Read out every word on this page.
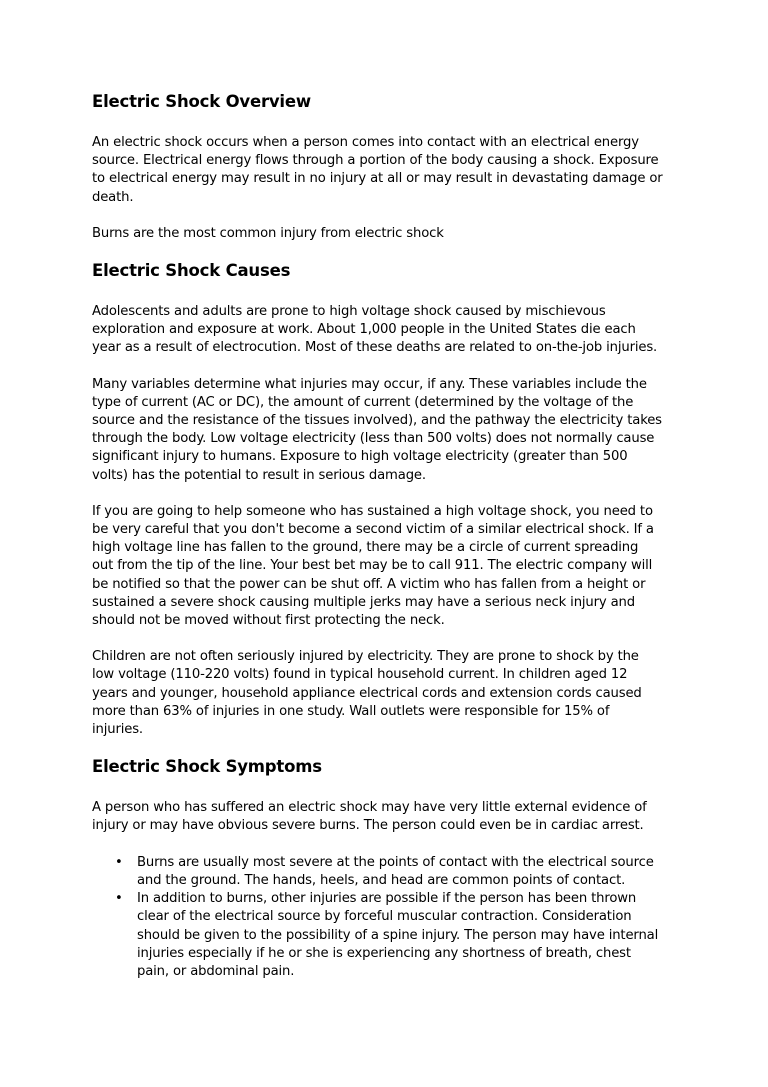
Electric Shock Overview

An electric shock occurs when a person comes into contact with an electrical energy
source. Electrical energy flows through a portion of the body causing a shock. Exposure
to electrical energy may result in no injury at all or may result in devastating damage or
death.

Burns are the most common injury from electric shock

Electric Shock Causes

Adolescents and adults are prone to high voltage shock caused by mischievous
exploration and exposure at work. About 1,000 people in the United States die each
year as a result of electrocution. Most of these deaths are related to on-the-job injuries.

Many variables determine what injuries may occur, if any. These variables include the
type of current (AC or DC), the amount of current (determined by the voltage of the
source and the resistance of the tissues involved), and the pathway the electricity takes
through the body. Low voltage electricity (less than 500 volts) does not normally cause
significant injury to humans. Exposure to high voltage electricity (greater than 500
volts) has the potential to result in serious damage.

If you are going to help someone who has sustained a high voltage shock, you need to
be very careful that you don't become a second victim of a similar electrical shock. If a
high voltage line has fallen to the ground, there may be a circle of current spreading
out from the tip of the line. Your best bet may be to call 911. The electric company will
be notified so that the power can be shut off. A victim who has fallen from a height or
sustained a severe shock causing multiple jerks may have a serious neck injury and
should not be moved without first protecting the neck.

Children are not often seriously injured by electricity. They are prone to shock by the
low voltage (110-220 volts) found in typical household current. In children aged 12
years and younger, household appliance electrical cords and extension cords caused
more than 63% of injuries in one study. Wall outlets were responsible for 15% of
injuries.

Electric Shock Symptoms

A person who has suffered an electric shock may have very little external evidence of
injury or may have obvious severe burns. The person could even be in cardiac arrest.

• Burns are usually most severe at the points of contact with the electrical source
and the ground. The hands, heels, and head are common points of contact.
• In addition to burns, other injuries are possible if the person has been thrown
clear of the electrical source by forceful muscular contraction. Consideration
should be given to the possibility of a spine injury. The person may have internal
injuries especially if he or she is experiencing any shortness of breath, chest
pain, or abdominal pain.
